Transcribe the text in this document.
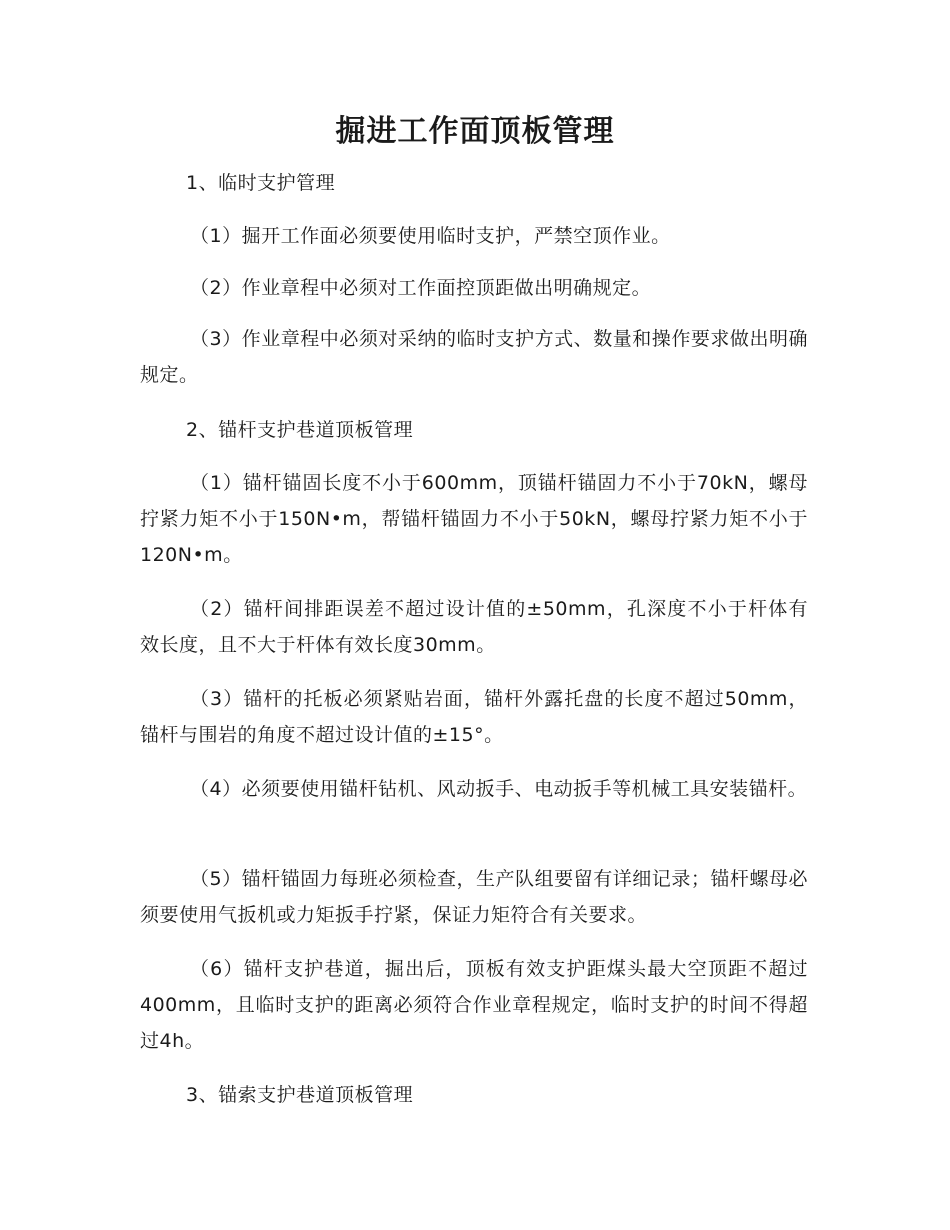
掘进工作面顶板管理
1、临时支护管理
（1）掘开工作面必须要使用临时支护，严禁空顶作业。
（2）作业章程中必须对工作面控顶距做出明确规定。
（3）作业章程中必须对采纳的临时支护方式、数量和操作要求做出明确规定。
2、锚杆支护巷道顶板管理
（1）锚杆锚固长度不小于600mm，顶锚杆锚固力不小于70kN，螺母拧紧力矩不小于150N•m，帮锚杆锚固力不小于50kN，螺母拧紧力矩不小于120N•m。
（2）锚杆间排距误差不超过设计值的±50mm，孔深度不小于杆体有效长度，且不大于杆体有效长度30mm。
（3）锚杆的托板必须紧贴岩面，锚杆外露托盘的长度不超过50mm，锚杆与围岩的角度不超过设计值的±15°。
（4）必须要使用锚杆钻机、风动扳手、电动扳手等机械工具安装锚杆。
（5）锚杆锚固力每班必须检查，生产队组要留有详细记录；锚杆螺母必须要使用气扳机或力矩扳手拧紧，保证力矩符合有关要求。
（6）锚杆支护巷道，掘出后，顶板有效支护距煤头最大空顶距不超过400mm，且临时支护的距离必须符合作业章程规定，临时支护的时间不得超过4h。
3、锚索支护巷道顶板管理
